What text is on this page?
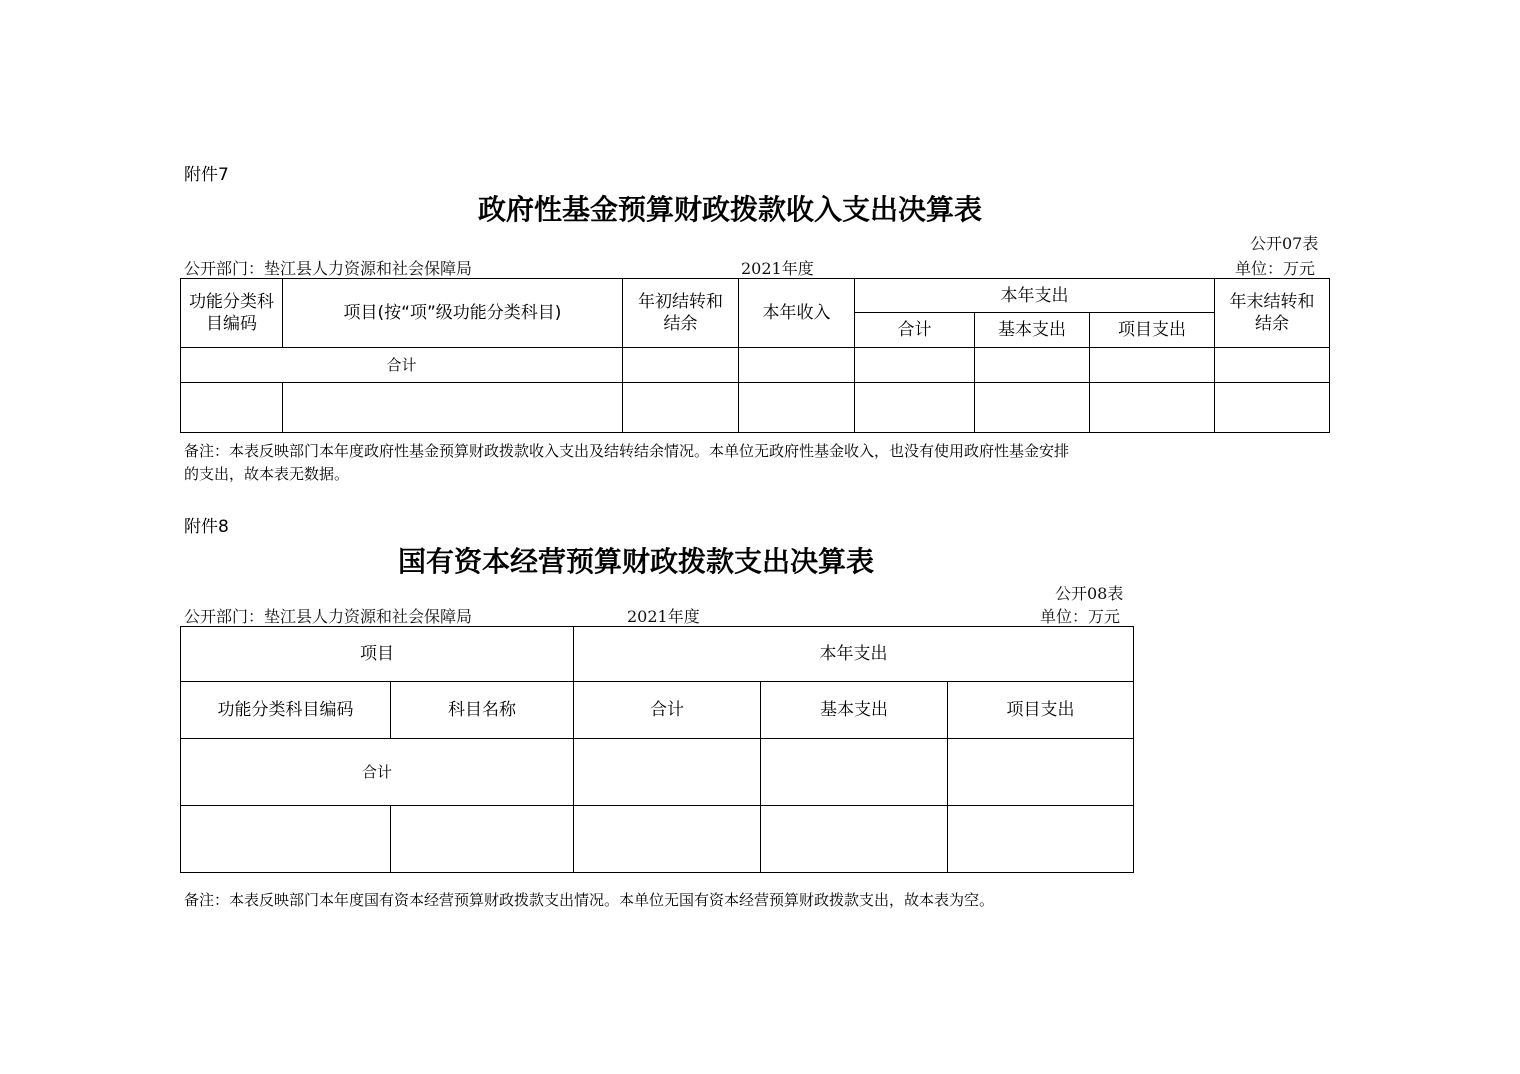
附件7
政府性基金预算财政拨款收入支出决算表
公开07表
公开部门：垫江县人力资源和社会保障局	2021年度	单位：万元
功能分类科目编码	项目(按“项”级功能分类科目)	年初结转和结余	本年收入	本年支出			年末结转和结余
				合计	基本支出	项目支出	
合计							

备注：本表反映部门本年度政府性基金预算财政拨款收入支出及结转结余情况。本单位无政府性基金收入，也没有使用政府性基金安排
的支出，故本表无数据。
附件8
国有资本经营预算财政拨款支出决算表
公开08表
公开部门：垫江县人力资源和社会保障局	2021年度	单位：万元
项目		本年支出		
功能分类科目编码	科目名称	合计	基本支出	项目支出
合计				

备注：本表反映部门本年度国有资本经营预算财政拨款支出情况。本单位无国有资本经营预算财政拨款支出，故本表为空。
